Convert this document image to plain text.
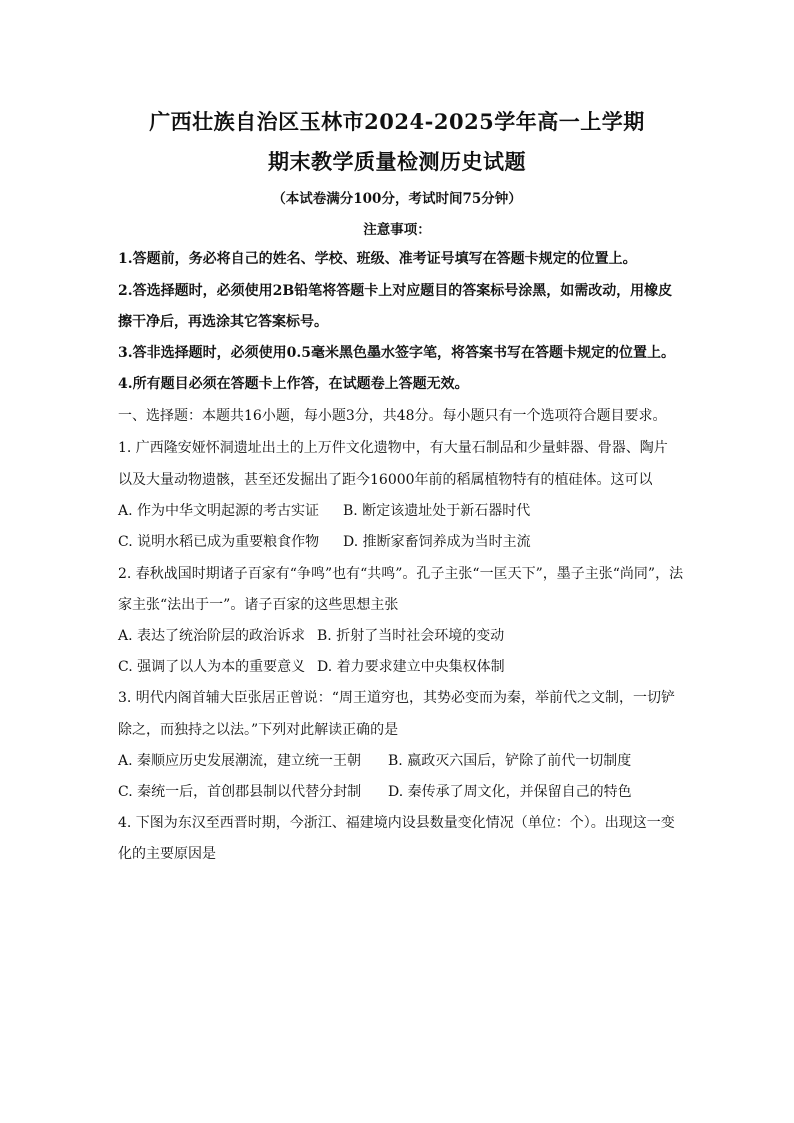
广西壮族自治区玉林市2024-2025学年高一上学期
期末教学质量检测历史试题
（本试卷满分100分，考试时间75分钟）
注意事项：
1.答题前，务必将自己的姓名、学校、班级、准考证号填写在答题卡规定的位置上。
2.答选择题时，必须使用2B铅笔将答题卡上对应题目的答案标号涂黑，如需改动，用橡皮
擦干净后，再选涂其它答案标号。
3.答非选择题时，必须使用0.5毫米黑色墨水签字笔，将答案书写在答题卡规定的位置上。
4.所有题目必须在答题卡上作答，在试题卷上答题无效。
一、选择题：本题共16小题，每小题3分，共48分。每小题只有一个选项符合题目要求。
1. 广西隆安娅怀洞遗址出土的上万件文化遗物中，有大量石制品和少量蚌器、骨器、陶片
以及大量动物遗骸，甚至还发掘出了距今16000年前的稻属植物特有的植硅体。这可以
A. 作为中华文明起源的考古实证 B. 断定该遗址处于新石器时代
C. 说明水稻已成为重要粮食作物 D. 推断家畜饲养成为当时主流
2. 春秋战国时期诸子百家有“争鸣”也有“共鸣”。孔子主张“一匡天下”，墨子主张“尚同”，法
家主张“法出于一”。诸子百家的这些思想主张
A. 表达了统治阶层的政治诉求 B. 折射了当时社会环境的变动
C. 强调了以人为本的重要意义 D. 着力要求建立中央集权体制
3. 明代内阁首辅大臣张居正曾说：“周王道穷也，其势必变而为秦，举前代之文制，一切铲
除之，而独持之以法。”下列对此解读正确的是
A. 秦顺应历史发展潮流，建立统一王朝 B. 嬴政灭六国后，铲除了前代一切制度
C. 秦统一后，首创郡县制以代替分封制 D. 秦传承了周文化，并保留自己的特色
4. 下图为东汉至西晋时期，今浙江、福建境内设县数量变化情况（单位：个）。出现这一变
化的主要原因是
